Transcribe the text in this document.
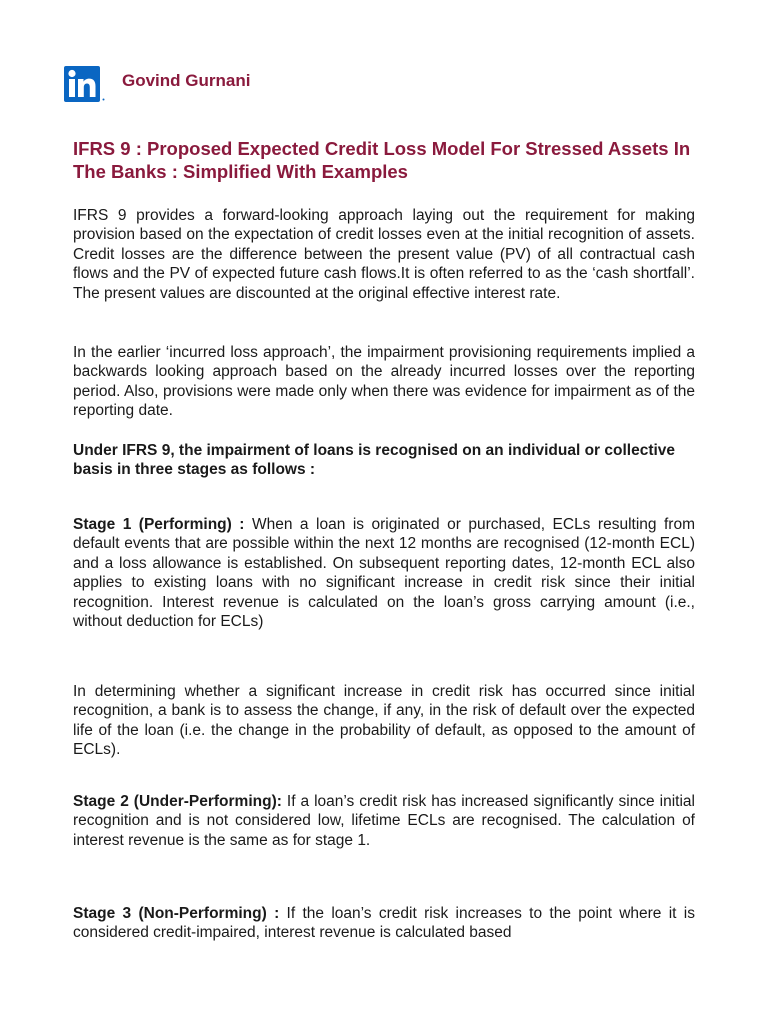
Govind Gurnani
IFRS 9 : Proposed Expected Credit Loss Model For Stressed Assets In The Banks : Simplified With Examples

IFRS 9 provides a forward-looking approach laying out the requirement for making provision based on the expectation of credit losses even at the initial recognition of assets. Credit losses are the difference between the present value (PV) of all contractual cash flows and the PV of expected future cash flows.It is often referred to as the ‘cash shortfall’. The present values are discounted at the original effective interest rate.

In the earlier ‘incurred loss approach’, the impairment provisioning requirements implied a backwards looking approach based on the already incurred losses over the reporting period. Also, provisions were made only when there was evidence for impairment as of the reporting date.

Under IFRS 9, the impairment of loans is recognised on an individual or collective basis in three stages as follows :

Stage 1 (Performing) : When a loan is originated or purchased, ECLs resulting from default events that are possible within the next 12 months are recognised (12-month ECL) and a loss allowance is established. On subsequent reporting dates, 12-month ECL also applies to existing loans with no significant increase in credit risk since their initial recognition. Interest revenue is calculated on the loan’s gross carrying amount (i.e., without deduction for ECLs)

In determining whether a significant increase in credit risk has occurred since initial recognition, a bank is to assess the change, if any, in the risk of default over the expected life of the loan (i.e. the change in the probability of default, as opposed to the amount of ECLs).

Stage 2 (Under-Performing): If a loan’s credit risk has increased significantly since initial recognition and is not considered low, lifetime ECLs are recognised. The calculation of interest revenue is the same as for stage 1.

Stage 3 (Non-Performing) : If the loan’s credit risk increases to the point where it is considered credit-impaired, interest revenue is calculated based
